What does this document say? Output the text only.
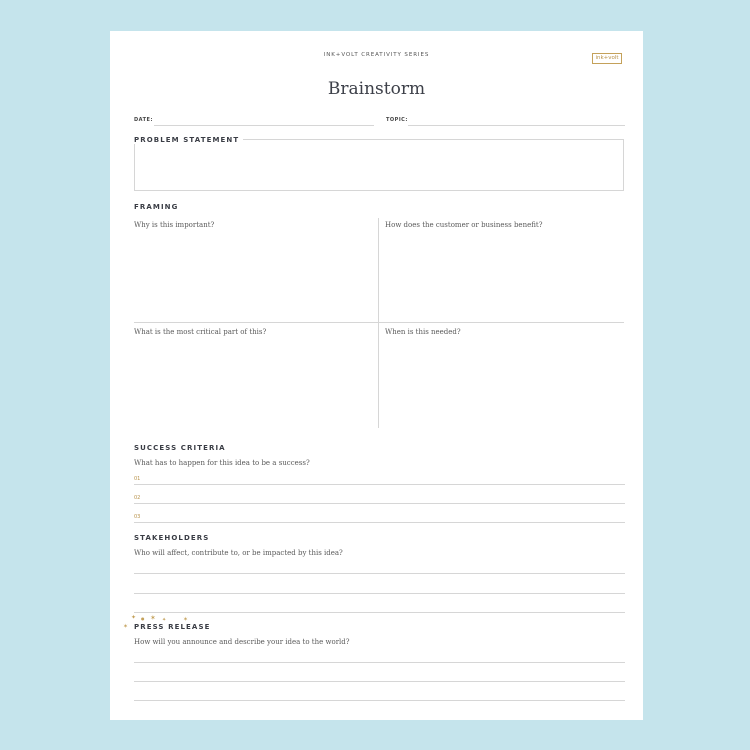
INK+VOLT CREATIVITY SERIES	ink+volt
Brainstorm
DATE:	TOPIC:
PROBLEM STATEMENT
FRAMING
Why is this important?	How does the customer or business benefit?
What is the most critical part of this?	When is this needed?
SUCCESS CRITERIA
What has to happen for this idea to be a success?
01
02
03
STAKEHOLDERS
Who will affect, contribute to, or be impacted by this idea?
✦ ● ✶ ✦	✶
✶ PRESS RELEASE
How will you announce and describe your idea to the world?
